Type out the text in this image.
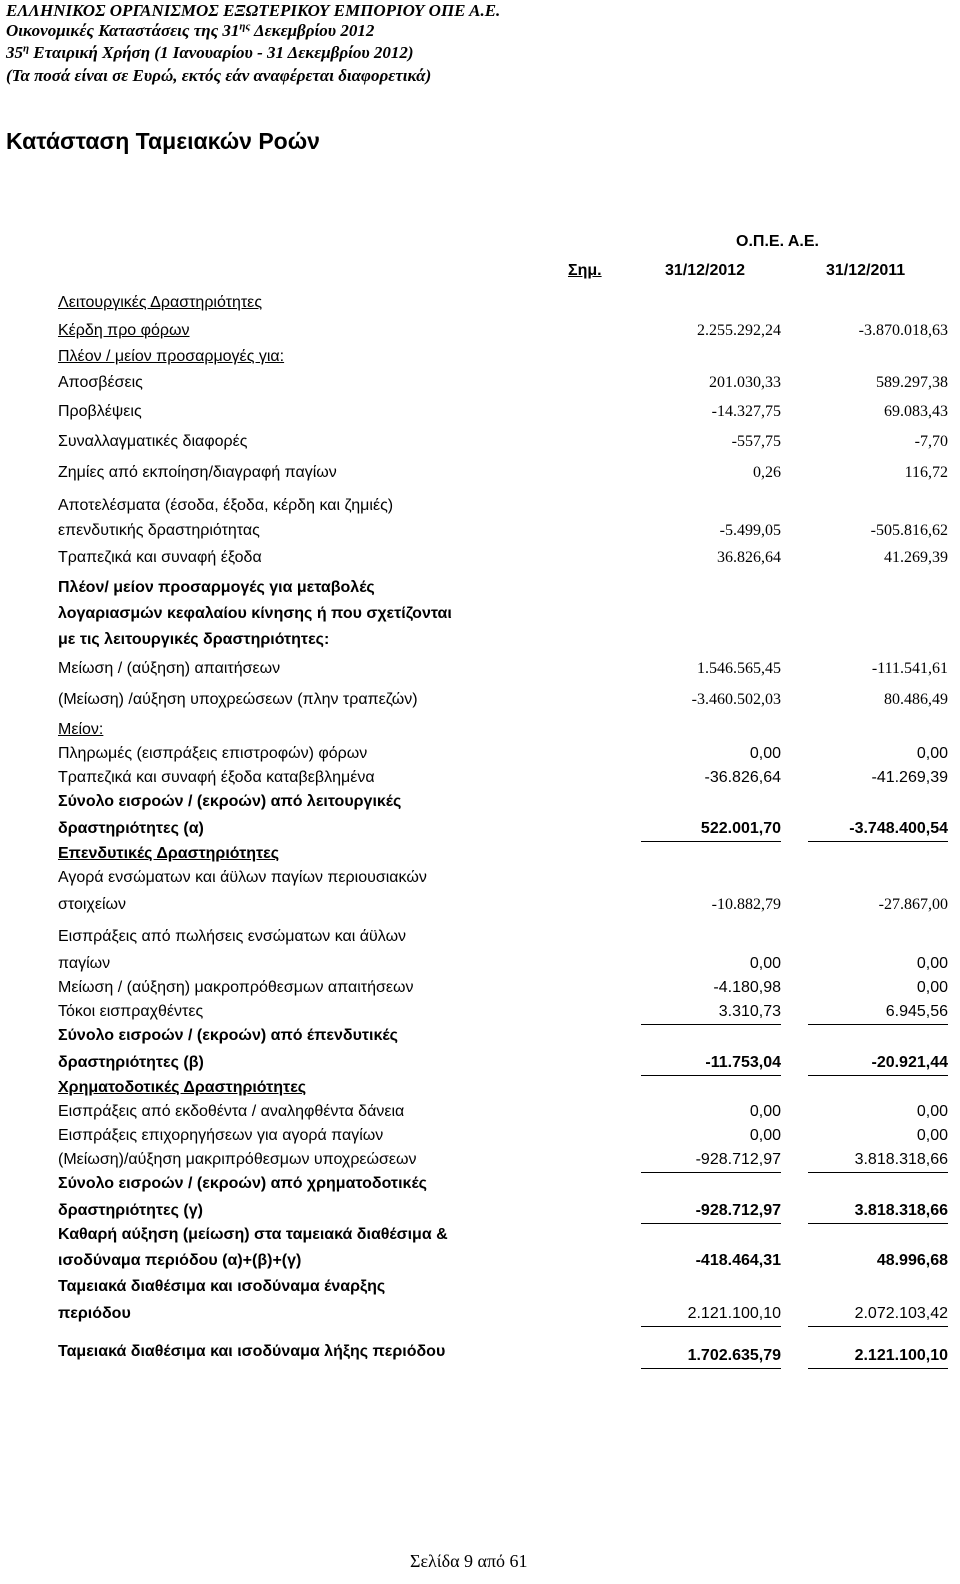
ΕΛΛΗΝΙΚΟΣ ΟΡΓΑΝΙΣΜΟΣ ΕΞΩΤΕΡΙΚΟΥ ΕΜΠΟΡΙΟΥ ΟΠΕ Α.Ε.
Οικονομικές Καταστάσεις της $31^{\eta\varsigma}$ Δεκεμβρίου 2012
$35^\eta$ Εταιρική Χρήση (1 Ιανουαρίου - 31 Δεκεμβρίου 2012)
(Τα ποσά είναι σε Ευρώ, εκτός εάν αναφέρεται διαφορετικά)
Κατάσταση Ταμειακών Ροών
Ο.Π.Ε. Α.Ε.
Σημ.	31/12/2012	31/12/2011
Λειτουργικές Δραστηριότητες
Κέρδη προ φόρων	2.255.292,24	-3.870.018,63
Πλέον / μείον προσαρμογές για:
Αποσβέσεις	201.030,33	589.297,38
Προβλέψεις	-14.327,75	69.083,43
Συναλλαγματικές διαφορές	-557,75	-7,70
Ζημίες από εκποίηση/διαγραφή παγίων	0,26	116,72
Αποτελέσματα (έσοδα, έξοδα, κέρδη και ζημιές)
επενδυτικής δραστηριότητας	-5.499,05	-505.816,62
Τραπεζικά και συναφή έξοδα	36.826,64	41.269,39
Πλέον/ μείον προσαρμογές για μεταβολές
λογαριασμών κεφαλαίου κίνησης ή που σχετίζονται
με τις λειτουργικές δραστηριότητες:
Μείωση / (αύξηση) απαιτήσεων	1.546.565,45	-111.541,61
(Μείωση) /αύξηση υποχρεώσεων (πλην τραπεζών)	-3.460.502,03	80.486,49
Μείον:
Πληρωμές (εισπράξεις επιστροφών) φόρων	0,00	0,00
Τραπεζικά και συναφή έξοδα καταβεβλημένα	-36.826,64	-41.269,39
Σύνολο εισροών / (εκροών) από λειτουργικές
δραστηριότητες (α)	522.001,70	-3.748.400,54
Επενδυτικές Δραστηριότητες
Αγορά ενσώματων και άϋλων παγίων περιουσιακών
στοιχείων	-10.882,79	-27.867,00
Εισπράξεις από πωλήσεις ενσώματων και άϋλων
παγίων	0,00	0,00
Μείωση / (αύξηση) μακροπρόθεσμων απαιτήσεων	-4.180,98	0,00
Τόκοι εισπραχθέντες	3.310,73	6.945,56
Σύνολο εισροών / (εκροών) από έπενδυτικές
δραστηριότητες (β)	-11.753,04	-20.921,44
Χρηματοδοτικές Δραστηριότητες
Εισπράξεις από εκδοθέντα / αναληφθέντα δάνεια	0,00	0,00
Εισπράξεις επιχορηγήσεων για αγορά παγίων	0,00	0,00
(Μείωση)/αύξηση μακριπρόθεσμων υποχρεώσεων	-928.712,97	3.818.318,66
Σύνολο εισροών / (εκροών) από χρηματοδοτικές
δραστηριότητες (γ)	-928.712,97	3.818.318,66
Καθαρή αύξηση (μείωση) στα ταμειακά διαθέσιμα &
ισοδύναμα περιόδου (α)+(β)+(γ)	-418.464,31	48.996,68
Ταμειακά διαθέσιμα και ισοδύναμα έναρξης
περιόδου	2.121.100,10	2.072.103,42
Ταμειακά διαθέσιμα και ισοδύναμα λήξης περιόδου	1.702.635,79	2.121.100,10
Σελίδα 9 από 61
